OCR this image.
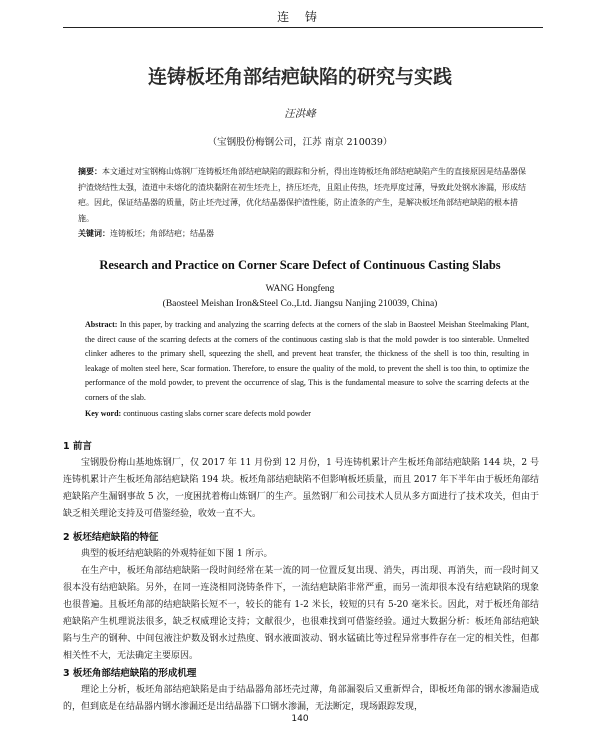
连 铸
连铸板坯角部结疤缺陷的研究与实践
汪洪峰
（宝钢股份梅钢公司，江苏 南京 210039）

摘要：本文通过对宝钢梅山炼钢厂连铸板坯角部结疤缺陷的跟踪和分析，得出连铸板坯角部结疤缺陷产生的直接原因是结晶器保护渣烧结性太强，渣道中未熔化的渣块黏附在初生坯壳上，挤压坯壳，且阻止传热，坯壳厚度过薄，导致此处钢水渗漏，形成结疤。因此，保证结晶器的质量，防止坯壳过薄，优化结晶器保护渣性能，防止渣条的产生，是解决板坯角部结疤缺陷的根本措施。

关键词：连铸板坯；角部结疤；结晶器

Research and Practice on Corner Scare Defect of Continuous Casting Slabs
WANG Hongfeng
(Baosteel Meishan Iron&Steel Co.,Ltd. Jiangsu Nanjing 210039, China)

Abstract: In this paper, by tracking and analyzing the scarring defects at the corners of the slab in Baosteel Meishan Steelmaking Plant, the direct cause of the scarring defects at the corners of the continuous casting slab is that the mold powder is too sinterable. Unmelted clinker adheres to the primary shell, squeezing the shell, and prevent heat transfer, the thickness of the shell is too thin, resulting in leakage of molten steel here, Scar formation. Therefore, to ensure the quality of the mold, to prevent the shell is too thin, to optimize the performance of the mold powder, to prevent the occurrence of slag, This is the fundamental measure to solve the scarring defects at the corners of the slab.

Key word: continuous casting slabs corner scare defects mold powder

1 前言

宝钢股份梅山基地炼钢厂，仅 2017 年 11 月份到 12 月份，1 号连铸机累计产生板坯角部结疤缺陷 144 块，2 号连铸机累计产生板坯角部结疤缺陷 194 块。板坯角部结疤缺陷不但影响板坯质量，而且 2017 年下半年由于板坯角部结疤缺陷产生漏钢事故 5 次，一度困扰着梅山炼钢厂的生产。虽然钢厂和公司技术人员从多方面进行了技术攻关，但由于缺乏相关理论支持及可借鉴经验，收效一直不大。

2 板坯结疤缺陷的特征

典型的板坯结疤缺陷的外观特征如下图 1 所示。

在生产中，板坯角部结疤缺陷一段时间经常在某一流的同一位置反复出现、消失，再出现、再消失，而一段时间又很本没有结疤缺陷。另外，在同一连浇相同浇铸条件下，一流结疤缺陷非常严重，而另一流却很本没有结疤缺陷的现象也很普遍。且板坯角部的结疤缺陷长短不一，较长的能有 1-2 米长，较短的只有 5-20 毫米长。因此，对于板坯角部结疤缺陷产生机理说法很多，缺乏权威理论支持；文献很少，也很难找到可借鉴经验。通过大数据分析：板坯角部结疤缺陷与生产的钢种、中间包液注炉数及钢水过热度、钢水液面波动、钢水锰硫比等过程异常事件存在一定的相关性，但都相关性不大，无法确定主要原因。

3 板坯角部结疤缺陷的形成机理

理论上分析，板坯角部结疤缺陷是由于结晶器角部坯壳过薄，角部漏裂后又重新焊合，即板坯角部的钢水渗漏造成的，但到底是在结晶器内钢水渗漏还是出结晶器下口钢水渗漏，无法断定，现场跟踪发现，

140
